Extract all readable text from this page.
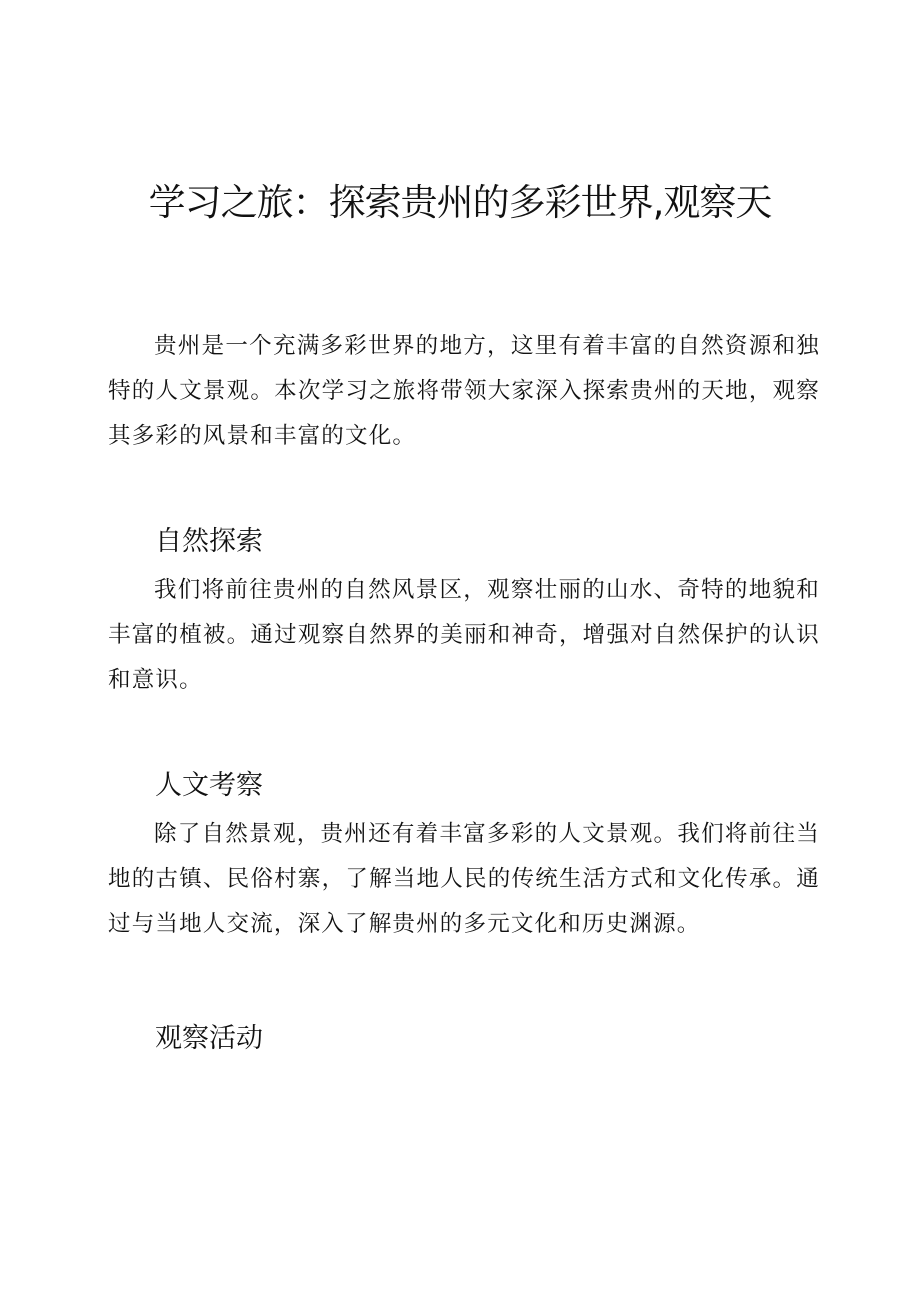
学习之旅：探索贵州的多彩世界,观察天

贵州是一个充满多彩世界的地方，这里有着丰富的自然资源和独特的人文景观。本次学习之旅将带领大家深入探索贵州的天地，观察其多彩的风景和丰富的文化。

自然探索

我们将前往贵州的自然风景区，观察壮丽的山水、奇特的地貌和丰富的植被。通过观察自然界的美丽和神奇，增强对自然保护的认识和意识。

人文考察

除了自然景观，贵州还有着丰富多彩的人文景观。我们将前往当地的古镇、民俗村寨，了解当地人民的传统生活方式和文化传承。通过与当地人交流，深入了解贵州的多元文化和历史渊源。

观察活动
